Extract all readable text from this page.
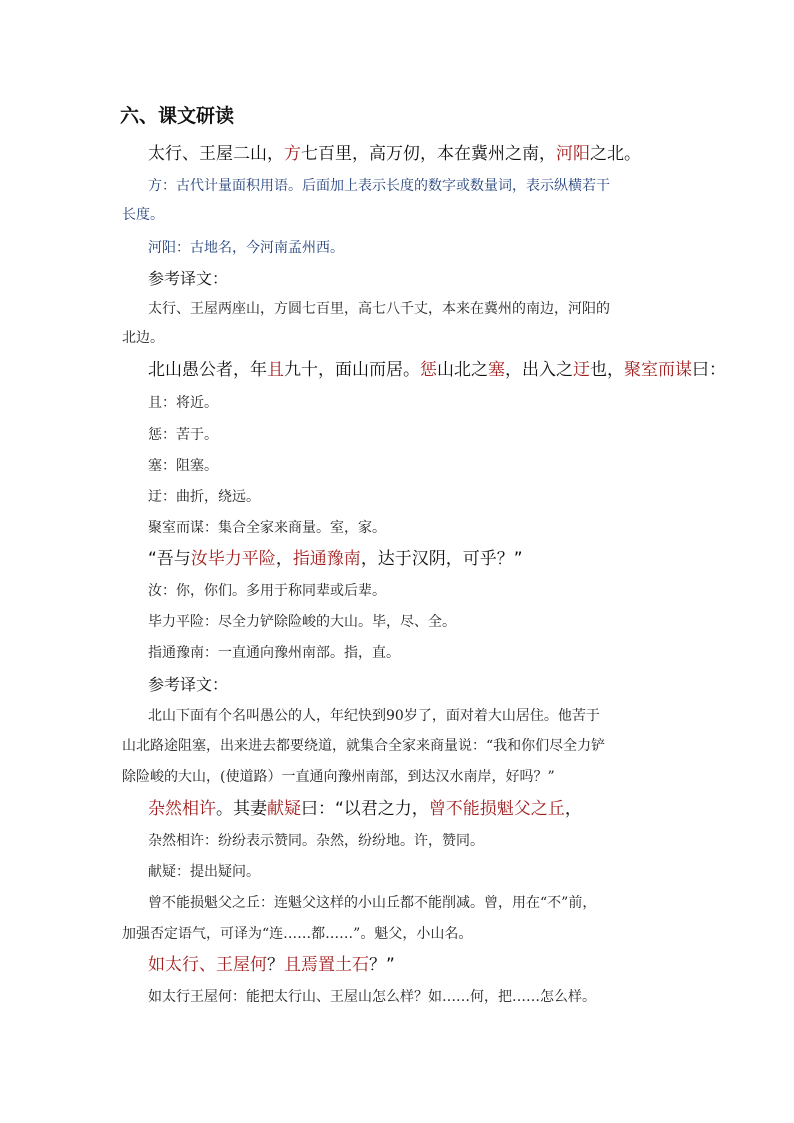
六、课文研读
太行、王屋二山，方七百里，高万仞，本在冀州之南，河阳之北。
方：古代计量面积用语。后面加上表示长度的数字或数量词，表示纵横若干
长度。
河阳：古地名，今河南孟州西。
参考译文：
太行、王屋两座山，方圆七百里，高七八千丈，本来在冀州的南边，河阳的
北边。
北山愚公者，年且九十，面山而居。惩山北之塞，出入之迂也，聚室而谋曰：
且：将近。
惩：苦于。
塞：阻塞。
迂：曲折，绕远。
聚室而谋：集合全家来商量。室，家。
“吾与汝毕力平险，指通豫南，达于汉阴，可乎？”
汝：你，你们。多用于称同辈或后辈。
毕力平险：尽全力铲除险峻的大山。毕，尽、全。
指通豫南：一直通向豫州南部。指，直。
参考译文：
北山下面有个名叫愚公的人，年纪快到90岁了，面对着大山居住。他苦于
山北路途阻塞，出来进去都要绕道，就集合全家来商量说：“我和你们尽全力铲
除险峻的大山，(使道路）一直通向豫州南部，到达汉水南岸，好吗？”
杂然相许。其妻献疑曰：“以君之力，曾不能损魁父之丘，
杂然相许：纷纷表示赞同。杂然，纷纷地。许，赞同。
献疑：提出疑问。
曾不能损魁父之丘：连魁父这样的小山丘都不能削减。曾，用在“不”前，
加强否定语气，可译为“连……都……”。魁父，小山名。
如太行、王屋何？且焉置土石？”
如太行王屋何：能把太行山、王屋山怎么样？如……何，把……怎么样。
